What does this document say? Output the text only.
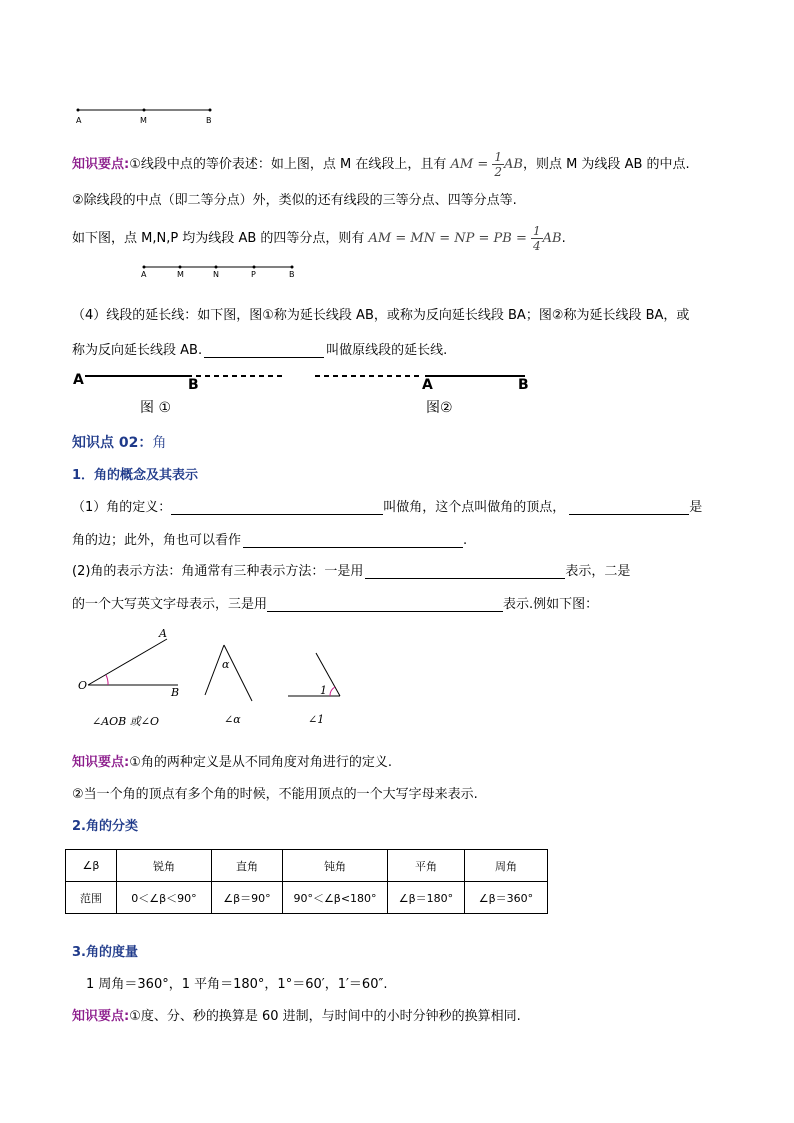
A	M	B
知识要点:①线段中点的等价表述：如上图，点 M 在线段上，且有 AM = $\frac{1}{2}$ AB，则点 M 为线段 AB 的中点.
②除线段的中点（即二等分点）外，类似的还有线段的三等分点、四等分点等.
如下图，点 M,N,P 均为线段 AB 的四等分点，则有 AM = MN = NP = PB = $\frac{1}{4}$ AB.
A	M	N	P	B
（4）线段的延长线：如下图，图①称为延长线段 AB，或称为反向延长线段 BA；图②称为延长线段 BA，或
称为反向延长线段 AB.	叫做原线段的延长线.
A	B
图 ①
A	B
图②
知识点 02：角
1．角的概念及其表示
（1）角的定义：	叫做角，这个点叫做角的顶点，	是
角的边；此外，角也可以看作	.
(2)角的表示方法：角通常有三种表示方法：一是用	表示，二是
的一个大写英文字母表示，三是用	表示.例如下图：
A
O
B
α
1
∠AOB 或∠O	∠α	∠1
知识要点:①角的两种定义是从不同角度对角进行的定义.
②当一个角的顶点有多个角的时候，不能用顶点的一个大写字母来表示.
2.角的分类
∠β	锐角	直角	钝角	平角	周角
范围	0＜∠β＜90°	∠β＝90°	90°＜∠β<180°	∠β＝180°	∠β＝360°
3.角的度量
1 周角＝360°，1 平角＝180°，1°＝60′，1′＝60″.
知识要点:①度、分、秒的换算是 60 进制，与时间中的小时分钟秒的换算相同.
